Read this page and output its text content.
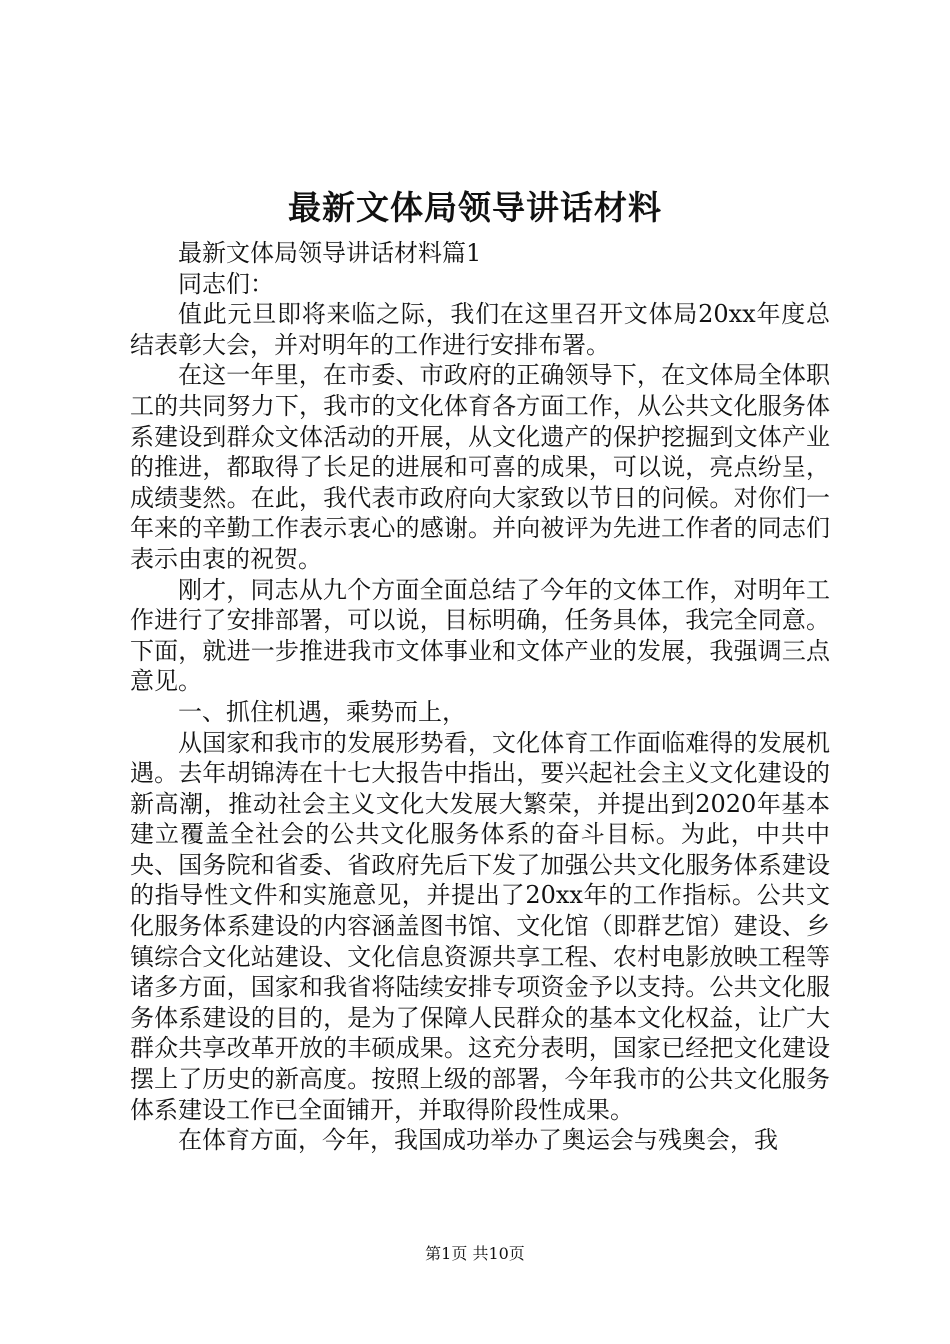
最新文体局领导讲话材料

最新文体局领导讲话材料篇1

同志们：

值此元旦即将来临之际，我们在这里召开文体局20xx年度总结表彰大会，并对明年的工作进行安排布署。

在这一年里，在市委、市政府的正确领导下，在文体局全体职工的共同努力下，我市的文化体育各方面工作，从公共文化服务体系建设到群众文体活动的开展，从文化遗产的保护挖掘到文体产业的推进，都取得了长足的进展和可喜的成果，可以说，亮点纷呈，成绩斐然。在此，我代表市政府向大家致以节日的问候。对你们一年来的辛勤工作表示衷心的感谢。并向被评为先进工作者的同志们表示由衷的祝贺。

刚才，同志从九个方面全面总结了今年的文体工作，对明年工作进行了安排部署，可以说，目标明确，任务具体，我完全同意。下面，就进一步推进我市文体事业和文体产业的发展，我强调三点意见。

一、抓住机遇，乘势而上，

从国家和我市的发展形势看，文化体育工作面临难得的发展机遇。去年胡锦涛在十七大报告中指出，要兴起社会主义文化建设的新高潮，推动社会主义文化大发展大繁荣，并提出到2020年基本建立覆盖全社会的公共文化服务体系的奋斗目标。为此，中共中央、国务院和省委、省政府先后下发了加强公共文化服务体系建设的指导性文件和实施意见，并提出了20xx年的工作指标。公共文化服务体系建设的内容涵盖图书馆、文化馆（即群艺馆）建设、乡镇综合文化站建设、文化信息资源共享工程、农村电影放映工程等诸多方面，国家和我省将陆续安排专项资金予以支持。公共文化服务体系建设的目的，是为了保障人民群众的基本文化权益，让广大群众共享改革开放的丰硕成果。这充分表明，国家已经把文化建设摆上了历史的新高度。按照上级的部署，今年我市的公共文化服务体系建设工作已全面铺开，并取得阶段性成果。

在体育方面，今年，我国成功举办了奥运会与残奥会，我

第1页 共10页
